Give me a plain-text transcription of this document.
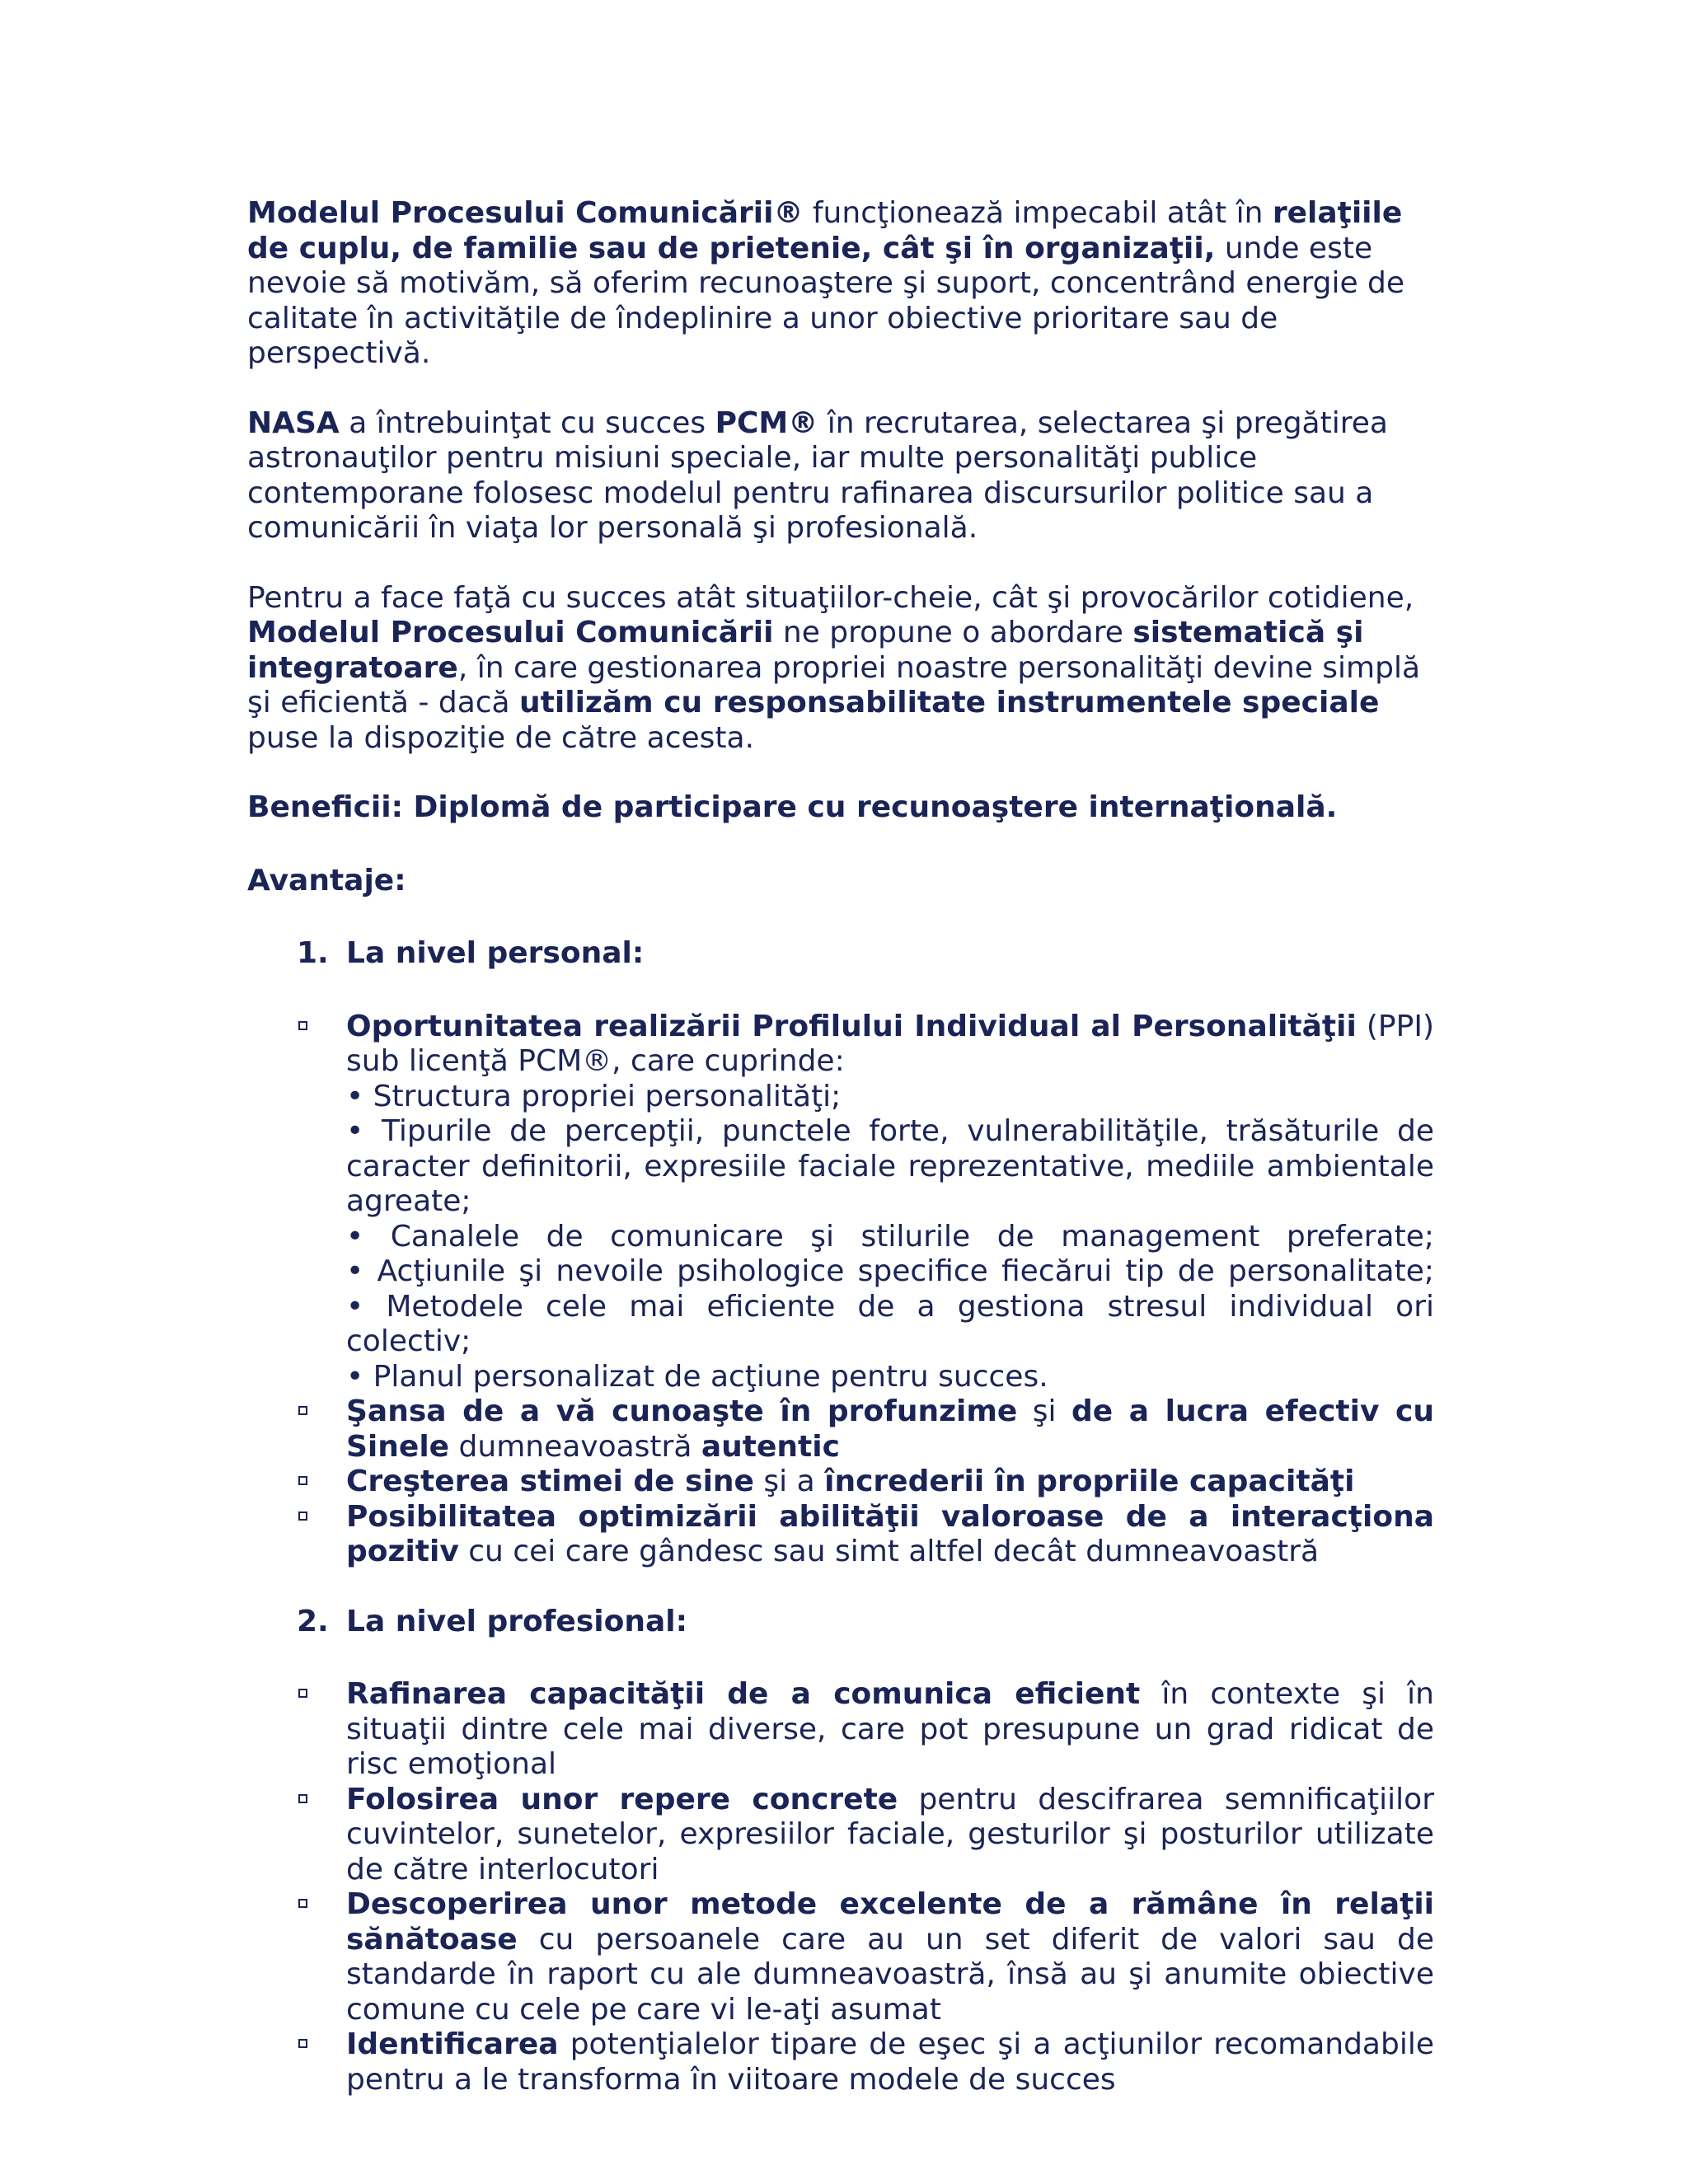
Modelul Procesului Comunicării® funcţionează impecabil atât în relaţiile de cuplu, de familie sau de prietenie, cât şi în organizaţii, unde este nevoie să motivăm, să oferim recunoaştere şi suport, concentrând energie de calitate în activităţile de îndeplinire a unor obiective prioritare sau de perspectivă.

NASA a întrebuinţat cu succes PCM® în recrutarea, selectarea şi pregătirea astronauţilor pentru misiuni speciale, iar multe personalităţi publice contemporane folosesc modelul pentru rafinarea discursurilor politice sau a comunicării în viaţa lor personală şi profesională.

Pentru a face faţă cu succes atât situaţiilor-cheie, cât şi provocărilor cotidiene, Modelul Procesului Comunicării ne propune o abordare sistematică şi integratoare, în care gestionarea propriei noastre personalităţi devine simplă şi eficientă - dacă utilizăm cu responsabilitate instrumentele speciale puse la dispoziţie de către acesta.

Beneficii: Diplomă de participare cu recunoaştere internaţională.

Avantaje:

1. La nivel personal:
Oportunitatea realizării Profilului Individual al Personalităţii (PPI) sub licenţă PCM®, care cuprinde:
• Structura propriei personalităţi;
• Tipurile de percepţii, punctele forte, vulnerabilităţile, trăsăturile de caracter definitorii, expresiile faciale reprezentative, mediile ambientale agreate;
• Canalele de comunicare şi stilurile de management preferate;
• Acţiunile şi nevoile psihologice specifice fiecărui tip de personalitate;
• Metodele cele mai eficiente de a gestiona stresul individual ori colectiv;
• Planul personalizat de acţiune pentru succes.
Şansa de a vă cunoaşte în profunzime şi de a lucra efectiv cu Sinele dumneavoastră autentic
Creşterea stimei de sine şi a încrederii în propriile capacităţi
Posibilitatea optimizării abilităţii valoroase de a interacţiona pozitiv cu cei care gândesc sau simt altfel decât dumneavoastră
2. La nivel profesional:
Rafinarea capacităţii de a comunica eficient în contexte şi în situaţii dintre cele mai diverse, care pot presupune un grad ridicat de risc emoţional
Folosirea unor repere concrete pentru descifrarea semnificaţiilor cuvintelor, sunetelor, expresiilor faciale, gesturilor şi posturilor utilizate de către interlocutori
Descoperirea unor metode excelente de a rămâne în relaţii sănătoase cu persoanele care au un set diferit de valori sau de standarde în raport cu ale dumneavoastră, însă au şi anumite obiective comune cu cele pe care vi le-aţi asumat
Identificarea potenţialelor tipare de eşec şi a acţiunilor recomandabile pentru a le transforma în viitoare modele de succes
